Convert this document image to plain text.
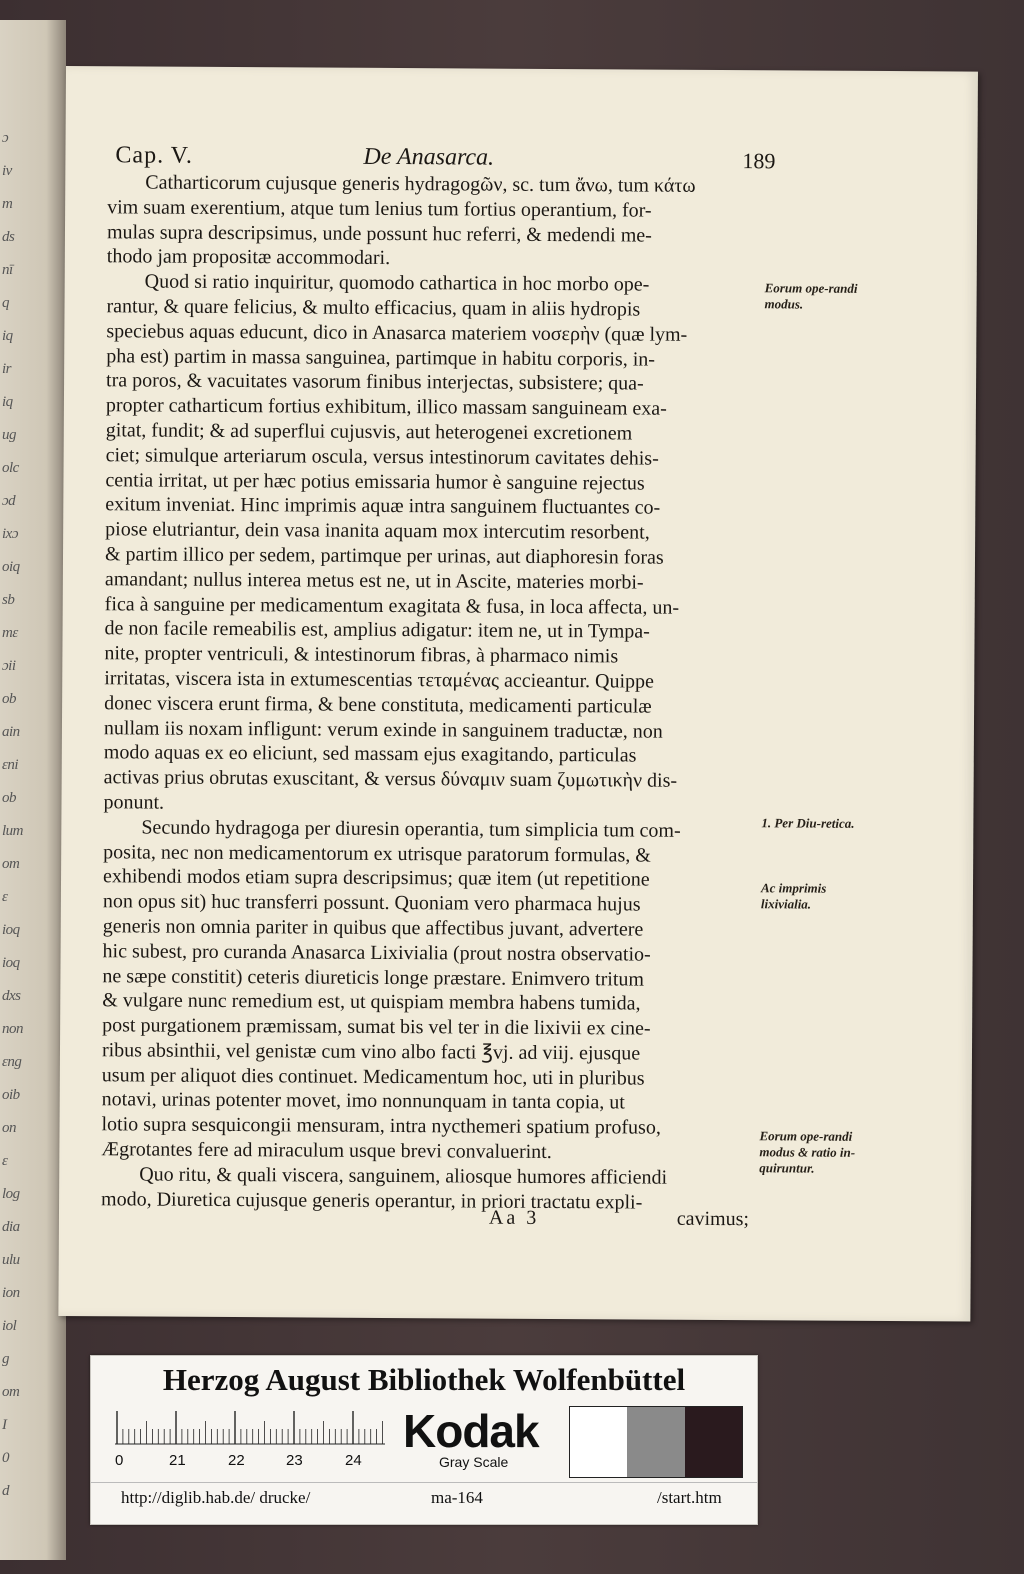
ɔ
iv
m
ds
nī
q
iq
ir
iq
ug
olc
ɔd
ixɔ
oiq
sb
mɛ
ɔii
ob
ain
ɛni
ob
lum
om
ɛ
ioq
ioq
dxs
non
ɛng
oib
on
ɛ
log
dia
ulu
ion
iol
g
om
I
0
d
Cap. V.	De Anasarca.	189
Catharticorum cujusque generis hydragogῶν, sc. tum ἄνω, tum κάτω
vim suam exerentium, atque tum lenius tum fortius operantium, for-
mulas supra descripsimus, unde possunt huc referri, & medendi me-
thodo jam propositæ accommodari.
Quod si ratio inquiritur, quomodo cathartica in hoc morbo ope-
rantur, & quare felicius, & multo efficacius, quam in aliis hydropis
speciebus aquas educunt, dico in Anasarca materiem νοσερὴν (quæ lym-
pha est) partim in massa sanguinea, partimque in habitu corporis, in-
tra poros, & vacuitates vasorum finibus interjectas, subsistere; qua-
propter catharticum fortius exhibitum, illico massam sanguineam exa-
gitat, fundit; & ad superflui cujusvis, aut heterogenei excretionem
ciet; simulque arteriarum oscula, versus intestinorum cavitates dehis-
centia irritat, ut per hæc potius emissaria humor è sanguine rejectus
exitum inveniat. Hinc imprimis aquæ intra sanguinem fluctuantes co-
piose elutriantur, dein vasa inanita aquam mox intercutim resorbent,
& partim illico per sedem, partimque per urinas, aut diaphoresin foras
amandant; nullus interea metus est ne, ut in Ascite, materies morbi-
fica à sanguine per medicamentum exagitata & fusa, in loca affecta, un-
de non facile remeabilis est, amplius adigatur: item ne, ut in Tympa-
nite, propter ventriculi, & intestinorum fibras, à pharmaco nimis
irritatas, viscera ista in extumescentias τεταμένας accieantur. Quippe
donec viscera erunt firma, & bene constituta, medicamenti particulæ
nullam iis noxam infligunt: verum exinde in sanguinem traductæ, non
modo aquas ex eo eliciunt, sed massam ejus exagitando, particulas
activas prius obrutas exuscitant, & versus δύναμιν suam ζυμωτικὴν dis-
ponunt.
Secundo hydragoga per diuresin operantia, tum simplicia tum com-
posita, nec non medicamentorum ex utrisque paratorum formulas, &
exhibendi modos etiam supra descripsimus; quæ item (ut repetitione
non opus sit) huc transferri possunt. Quoniam vero pharmaca hujus
generis non omnia pariter in quibus que affectibus juvant, advertere
hic subest, pro curanda Anasarca Lixivialia (prout nostra observatio-
ne sæpe constitit) ceteris diureticis longe præstare. Enimvero tritum
& vulgare nunc remedium est, ut quispiam membra habens tumida,
post purgationem præmissam, sumat bis vel ter in die lixivii ex cine-
ribus absinthii, vel genistæ cum vino albo facti ℥vj. ad viij. ejusque
usum per aliquot dies continuet. Medicamentum hoc, uti in pluribus
notavi, urinas potenter movet, imo nonnunquam in tanta copia, ut
lotio supra sesquicongii mensuram, intra nycthemeri spatium profuso,
Ægrotantes fere ad miraculum usque brevi convaluerint.
Quo ritu, & quali viscera, sanguinem, aliosque humores afficiendi
modo, Diuretica cujusque generis operantur, in priori tractatu expli-
Eorum ope-randi modus.
1. Per Diu-retica.
Ac imprimis lixivialia.
Eorum ope-randi modus & ratio in-quiruntur.
Aa 3	cavimus;
Herzog August Bibliothek Wolfenbüttel
0	21	22	23	24
Kodak
Gray Scale
http://diglib.hab.de/ drucke/	ma-164	/start.htm
